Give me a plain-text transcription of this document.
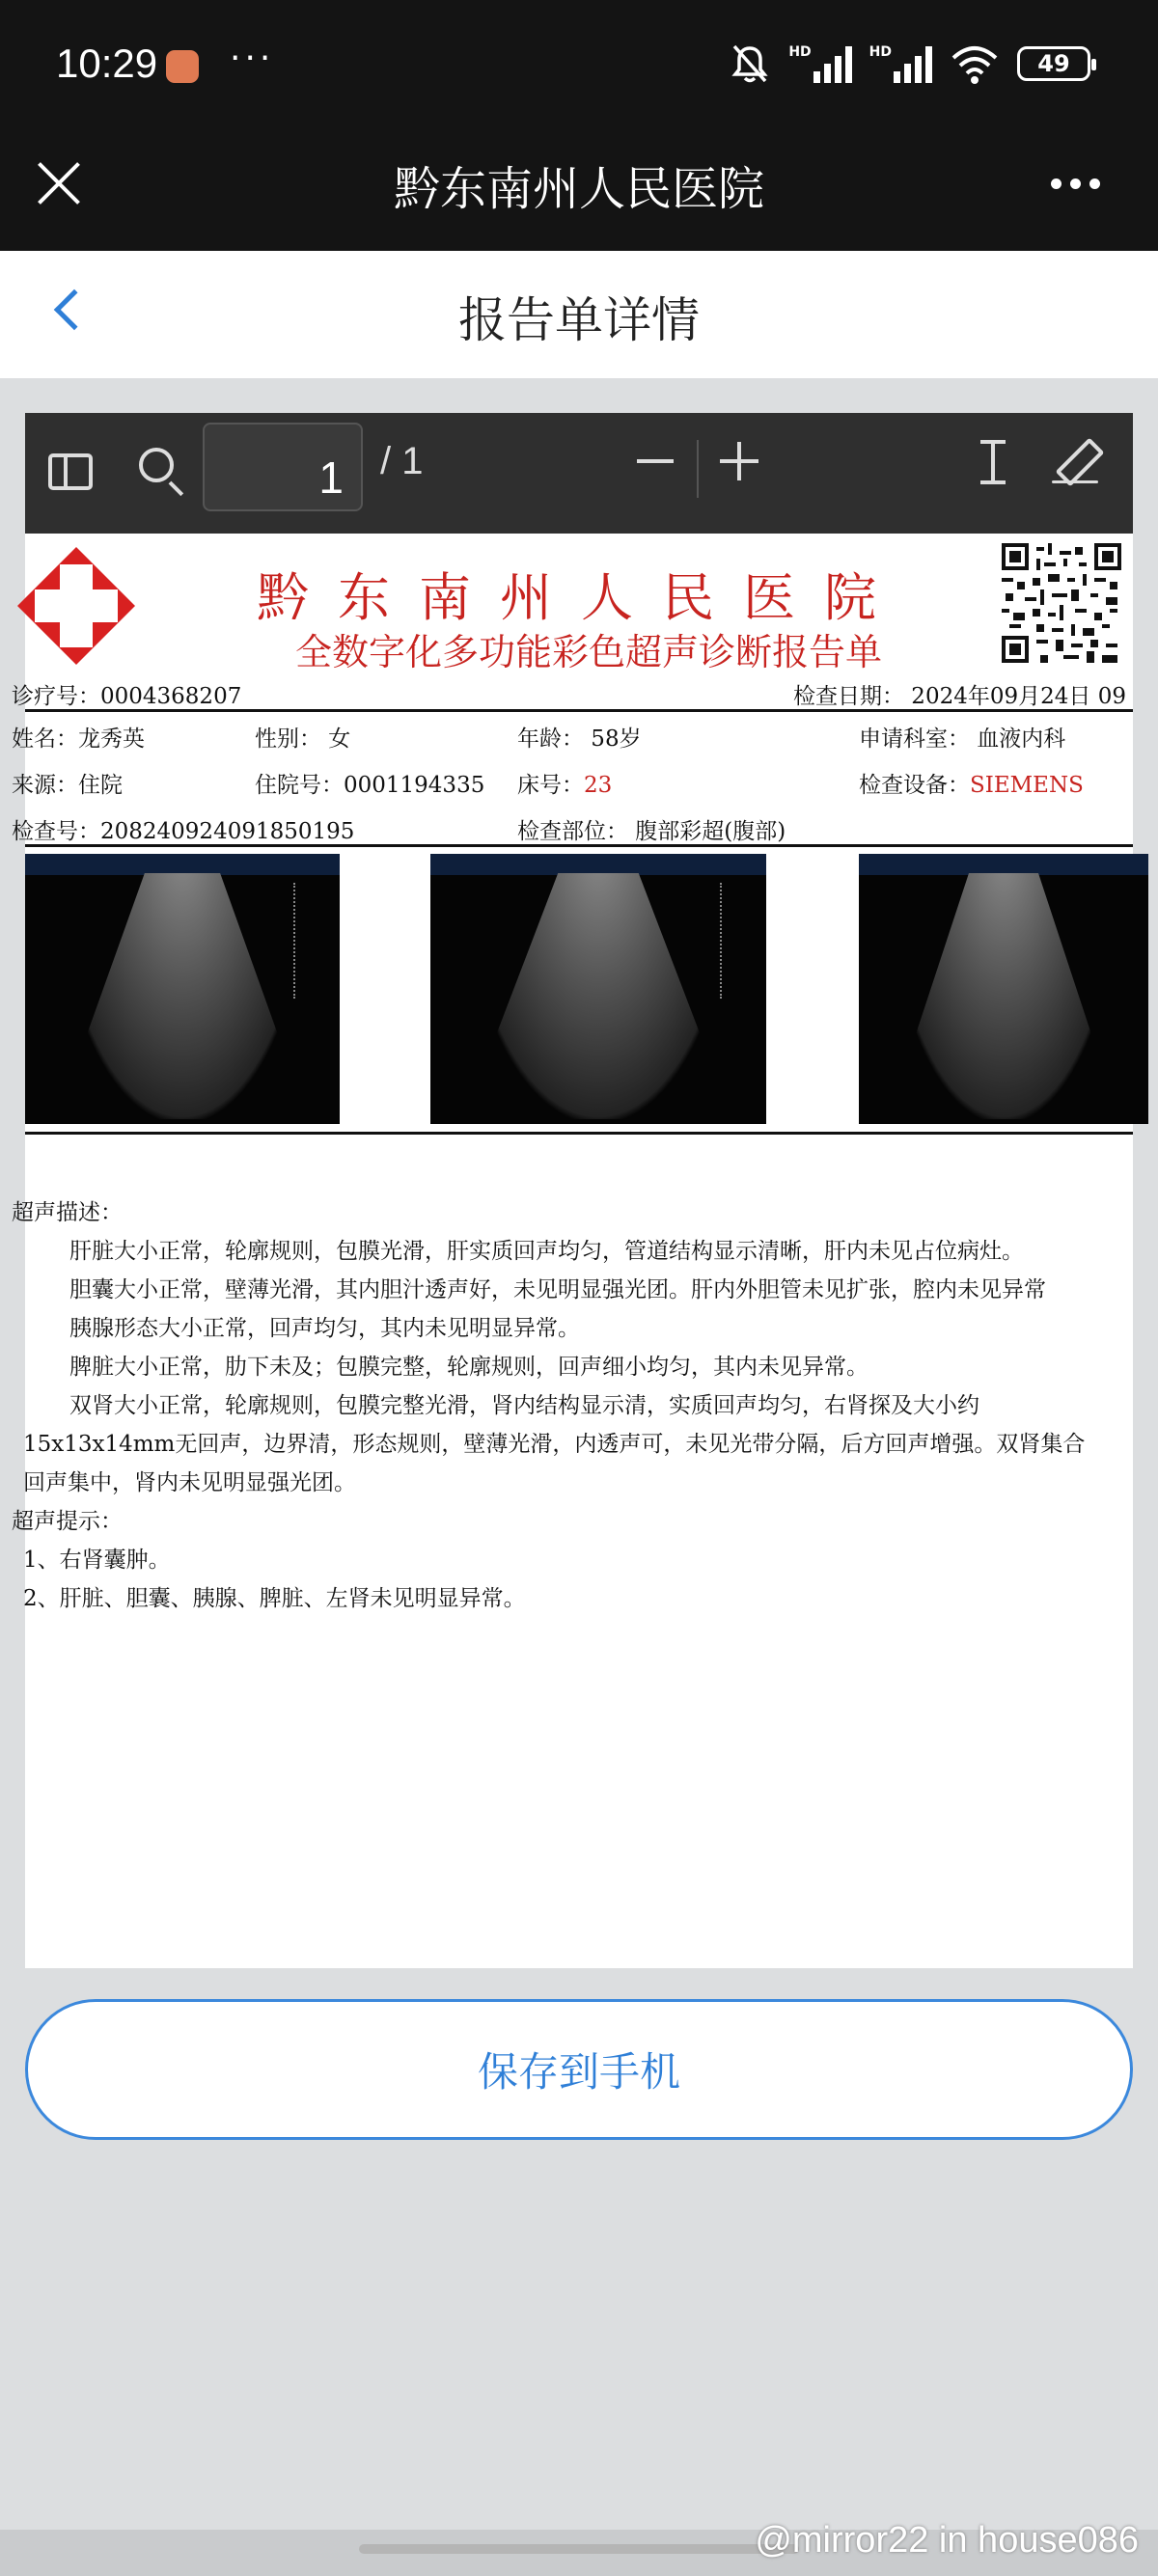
10:29 ···	HD	HD	49
黔东南州人民医院
报告单详情
1 / 1
黔东南州人民医院
全数字化多功能彩色超声诊断报告单
诊疗号：0004368207	检查日期： 2024年09月24日 09
姓名：龙秀英	性别： 女	年龄： 58岁	申请科室： 血液内科
来源：住院	住院号：0001194335 床号：23	检查设备：SIEMENS
检查号：208240924091850195	检查部位： 腹部彩超(腹部)
超声描述：
　　肝脏大小正常，轮廓规则，包膜光滑，肝实质回声均匀，管道结构显示清晰，肝内未见占位病灶。
　　胆囊大小正常，壁薄光滑，其内胆汁透声好，未见明显强光团。肝内外胆管未见扩张，腔内未见异常
　　胰腺形态大小正常，回声均匀，其内未见明显异常。
　　脾脏大小正常，肋下未及；包膜完整，轮廓规则，回声细小均匀，其内未见异常。
　　双肾大小正常，轮廓规则，包膜完整光滑，肾内结构显示清，实质回声均匀，右肾探及大小约
15x13x14mm无回声，边界清，形态规则，壁薄光滑，内透声可，未见光带分隔，后方回声增强。双肾集合
回声集中，肾内未见明显强光团。
超声提示：
1、右肾囊肿。
2、肝脏、胆囊、胰腺、脾脏、左肾未见明显异常。
保存到手机
@mirror22 in house086
